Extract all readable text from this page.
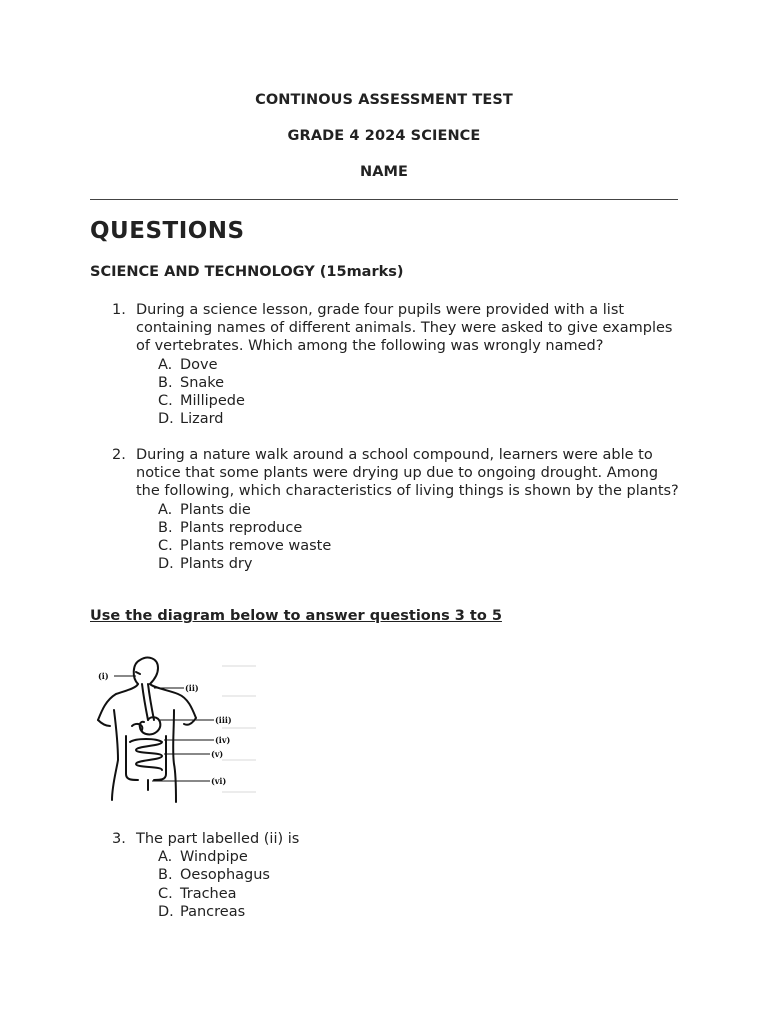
CONTINOUS ASSESSMENT TEST
GRADE 4 2024 SCIENCE
NAME
QUESTIONS
SCIENCE AND TECHNOLOGY (15marks)
1. During a science lesson, grade four pupils were provided with a list containing names of different animals. They were asked to give examples of vertebrates. Which among the following was wrongly named?
A. Dove
B. Snake
C. Millipede
D. Lizard
2. During a nature walk around a school compound, learners were able to notice that some plants were drying up due to ongoing drought. Among the following, which characteristics of living things is shown by the plants?
A. Plants die
B. Plants reproduce
C. Plants remove waste
D. Plants dry
Use the diagram below to answer questions 3 to 5
(i)
(ii)
(iii)
(iv)
(v)
(vi)
3. The part labelled (ii) is
A. Windpipe
B. Oesophagus
C. Trachea
D. Pancreas
